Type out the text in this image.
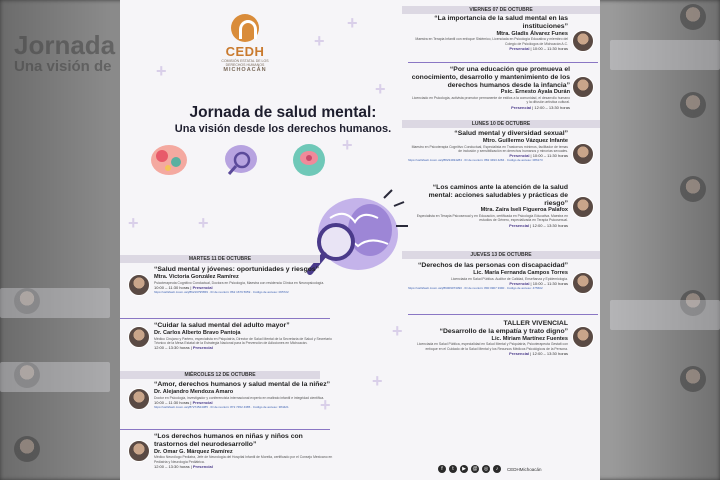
Jornada
Una visión de
+
+
+
+
+
+
+
+
+
+
CEDH
COMISIÓN ESTATAL DE LOS DERECHOS HUMANOS
MICHOACÁN
Jornada de salud mental:
Una visión desde los derechos humanos.
VIERNES 07 DE OCTUBRE
“La importancia de la salud mental en las instituciones”
Mtra. Gladis Álvarez Funes
Maestra en Terapia Infantil con enfoque Sistémico, Licenciada en Psicología Educativa y miembro del Colegio de Psicólogos de Michoacán A.C.
Presencial | 10:00 – 11:30 horas
“Por una educación que promueva el conocimiento, desarrollo y mantenimiento de los derechos humanos desde la infancia”
Psic. Ernesto Ayala Durán
Licenciado en Psicología, activista promotor permanente de estilos a la comunidad, el desarrollo humano y la difusión artística cultural.
Presencial | 12:00 – 13:30 horas
LUNES 10 DE OCTUBRE
“Salud mental y diversidad sexual”
Mtro. Guillermo Vázquez Infante
Maestro en Psicoterapia Cognitivo Conductual, Especialista en Trastornos mínimos, facilitador de temas de inclusión y sensibilización en derechos humanos y minorías sexuales.
Presencial | 10:00 – 11:30 horas
https://us02web.zoom.us/j/88234934284 · ID de reunión: 882 3493 4284 · Código de acceso: 086173
“Los caminos ante la atención de la salud mental: acciones saludables y prácticas de riesgo”
Mtra. Zaira Iseli Figueroa Palafox
Especialista en Terapia Psicosexual y en Educación, certificada en Psicología Educativa. Maestra en estudios de Género, especializada en Terapia Psicosexual.
Presencial | 12:00 – 13:30 horas
JUEVES 13 DE OCTUBRE
“Derechos de las personas con discapacidad”
Lic. María Fernanda Campos Torres
Licenciada en Salud Pública. Auditor de Calidad, Enseñanza y Epidemiología.
Presencial | 10:00 – 11:30 horas
https://us02web.zoom.us/j/89009073390 · ID de reunión: 890 0907 3390 · Código de acceso: 475602
TALLER VIVENCIAL
“Desarrollo de la empatía y trato digno”
Lic. Miriam Martínez Fuentes
Licenciada en Salud Pública, especialidad en Salud Mental y Psiquiatría, Psicoterapeuta Gestalt con enfoque en el Cuidado de la Salud Mental y los Recursos Médicos Psicológicos de la Persona.
Presencial | 12:00 – 13:30 horas
MARTES 11 DE OCTUBRE
“Salud mental y jóvenes: oportunidades y riesgos”
Mtra. Victoria González Ramírez
Psicoterapeuta Cognitivo Conductual, Doctora en Psicología, Maestra con residencia Clínica en Neuropsicología.
10:00 – 11:30 horas | Presencial
https://us02web.zoom.us/j/86216795659 · ID de reunión: 862 1679 5659 · Código de acceso: 065722
“Cuidar la salud mental del adulto mayor”
Dr. Carlos Alberto Bravo Pantoja
Médico Cirujano y Partero, especialista en Psiquiatría, Director de Salud Mental de la Secretaría de Salud y Secretario Técnico de la Mesa Estatal de la Estrategia Nacional para la Prevención de Adicciones en Michoacán.
12:00 – 13:30 horas | Presencial
MIÉRCOLES 12 DE OCTUBRE
“Amor, derechos humanos y salud mental de la niñez”
Dr. Alejandro Mendoza Amaro
Doctor en Psicología, investigador y conferencista internacional experto en maltrato infantil e integridad científica.
10:00 – 11:30 horas | Presencial
https://us02web.zoom.us/j/87274524385 · ID de reunión: 872 7452 4385 · Código de acceso: 384421
“Los derechos humanos en niñas y niños con trastornos del neurodesarrollo”
Dr. Omar G. Márquez Ramírez
Médico Neurólogo Pediatra, Jefe de Neurología del Hospital Infantil de Morelia, certificado por el Consejo Mexicano en Pediatría y Neurología Pediátrica.
12:00 – 13:30 horas | Presencial	f	t	▶	@	◎	♪	CEDHMichoacán
